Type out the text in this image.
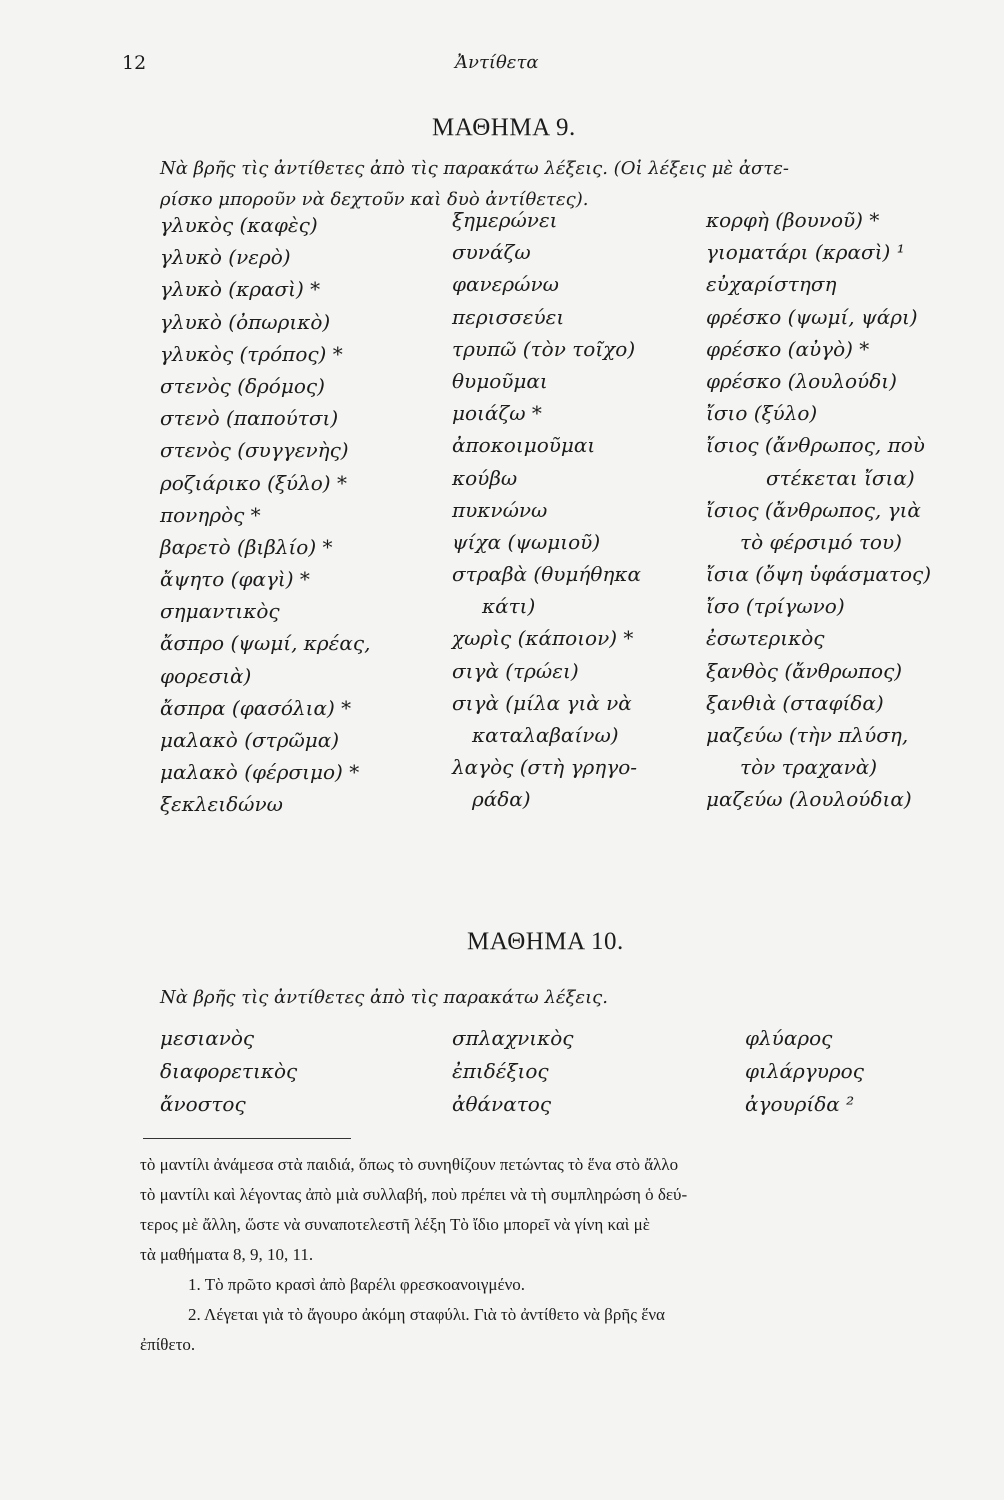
12	Ἀντίθετα
ΜΑΘΗΜΑ 9.
Νὰ βρῆς τὶς ἀντίθετες ἀπὸ τὶς παρακάτω λέξεις. (Οἱ λέξεις μὲ ἀστε-
ρίσκο μποροῦν νὰ δεχτοῦν καὶ δυὸ ἀντίθετες).
γλυκὸς (καφὲς)
γλυκὸ (νερὸ)
γλυκὸ (κρασὶ) *
γλυκὸ (ὀπωρικὸ)
γλυκὸς (τρόπος) *
στενὸς (δρόμος)
στενὸ (παπούτσι)
στενὸς (συγγενὴς)
ρoζιάρικο (ξύλο) *
πονηρὸς *
βαρετὸ (βιβλίο) *
ἄψητο (φαγὶ) *
σημαντικὸς
ἄσπρο (ψωμί, κρέας,
φορεσιὰ)
ἄσπρα (φασόλια) *
μαλακὸ (στρῶμα)
μαλακὸ (φέρσιμο) *
ξεκλειδώνω
ξημερώνει
συνάζω
φανερώνω
περισσεύει
τρυπῶ (τὸν τοῖχο)
θυμοῦμαι
μοιάζω *
ἀποκοιμοῦμαι
κούβω
πυκνώνω
ψίχα (ψωμιοῦ)
στραβὰ (θυμήθηκα
κάτι)
χωρὶς (κάποιον) *
σιγὰ (τρώει)
σιγὰ (μίλα γιὰ νὰ
καταλαβαίνω)
λαγὸς (στὴ γρηγο-
ράδα)
κορφὴ (βουνοῦ) *
γιοματάρι (κρασὶ) ¹
εὐχαρίστηση
φρέσκο (ψωμί, ψάρι)
φρέσκο (αὐγὸ) *
φρέσκο (λουλούδι)
ἴσιο (ξύλο)
ἴσιος (ἄνθρωπος, ποὺ
στέκεται ἴσια)
ἴσιος (ἄνθρωπος, γιὰ
τὸ φέρσιμό του)
ἴσια (ὄψη ὑφάσματος)
ἴσο (τρίγωνο)
ἐσωτερικὸς
ξανθὸς (ἄνθρωπος)
ξανθιὰ (σταφίδα)
μαζεύω (τὴν πλύση,
τὸν τραχανὰ)
μαζεύω (λουλούδια)
ΜΑΘΗΜΑ 10.
Νὰ βρῆς τὶς ἀντίθετες ἀπὸ τὶς παρακάτω λέξεις.
μεσιανὸς
διαφορετικὸς
ἄνοστος
σπλαχνικὸς
ἐπιδέξιος
ἀθάνατος
φλύαρος
φιλάργυρος
ἀγουρίδα ²
τὸ μαντίλι ἀνάμεσα στὰ παιδιά, ὅπως τὸ συνηθίζουν πετώντας τὸ ἕνα στὸ ἄλλο
τὸ μαντίλι καὶ λέγοντας ἀπὸ μιὰ συλλαβή, ποὺ πρέπει νὰ τὴ συμπληρώση ὁ δεύ-
τερος μὲ ἄλλη, ὥστε νὰ συναποτελεστῆ λέξη Τὸ ἴδιο μπορεῖ νὰ γίνη καὶ μὲ
τὰ μαθήματα 8, 9, 10, 11.
1. Τὸ πρῶτο κρασὶ ἀπὸ βαρέλι φρεσκοανοιγμένο.
2. Λέγεται γιὰ τὸ ἄγουρο ἀκόμη σταφύλι. Γιὰ τὸ ἀντίθετο νὰ βρῆς ἕνα
ἐπίθετο.
